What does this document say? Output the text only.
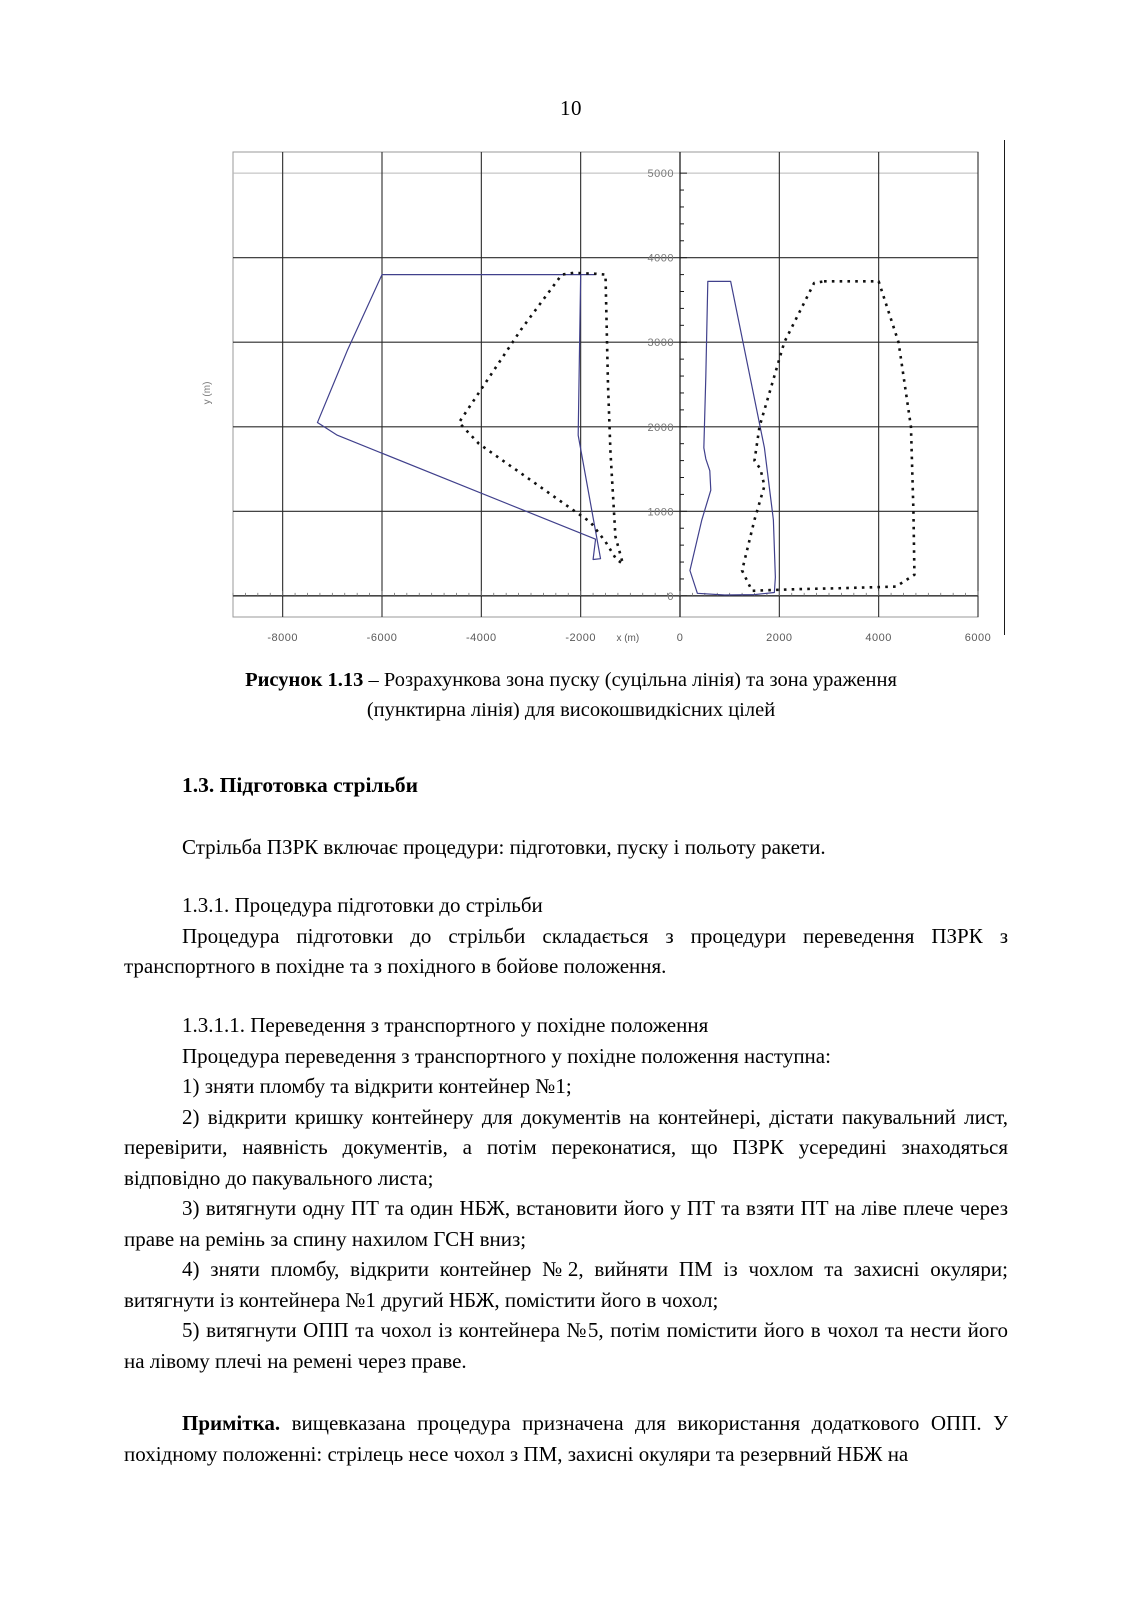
10
0
1000
2000
3000
4000
5000
-8000	-6000	-4000	-2000	0	2000	4000	6000
x (m)
y (m)
Рисунок 1.13 – Розрахункова зона пуску (суцільна лінія) та зона ураження
(пунктирна лінія) для високошвидкісних цілей

1.3. Підготовка стрільби

Стрільба ПЗРК включає процедури: підготовки, пуску і польоту ракети.

1.3.1. Процедура підготовки до стрільби

Процедура підготовки до стрільби складається з процедури переведення ПЗРК з транспортного в похідне та з похідного в бойове положення.

1.3.1.1. Переведення з транспортного у похідне положення

Процедура переведення з транспортного у похідне положення наступна:

1) зняти пломбу та відкрити контейнер №1;

2) відкрити кришку контейнеру для документів на контейнері, дістати пакувальний лист, перевірити, наявність документів, а потім переконатися, що ПЗРК усередині знаходяться відповідно до пакувального листа;

3) витягнути одну ПТ та один НБЖ, встановити його у ПТ та взяти ПТ на ліве плече через праве на ремінь за спину нахилом ГСН вниз;

4) зняти пломбу, відкрити контейнер №2, вийняти ПМ із чохлом та захисні окуляри; витягнути із контейнера №1 другий НБЖ, помістити його в чохол;

5) витягнути ОПП та чохол із контейнера №5, потім помістити його в чохол та нести його на лівому плечі на ремені через праве.

Примітка. вищевказана процедура призначена для використання додаткового ОПП. У похідному положенні: стрілець несе чохол з ПМ, захисні окуляри та резервний НБЖ на
